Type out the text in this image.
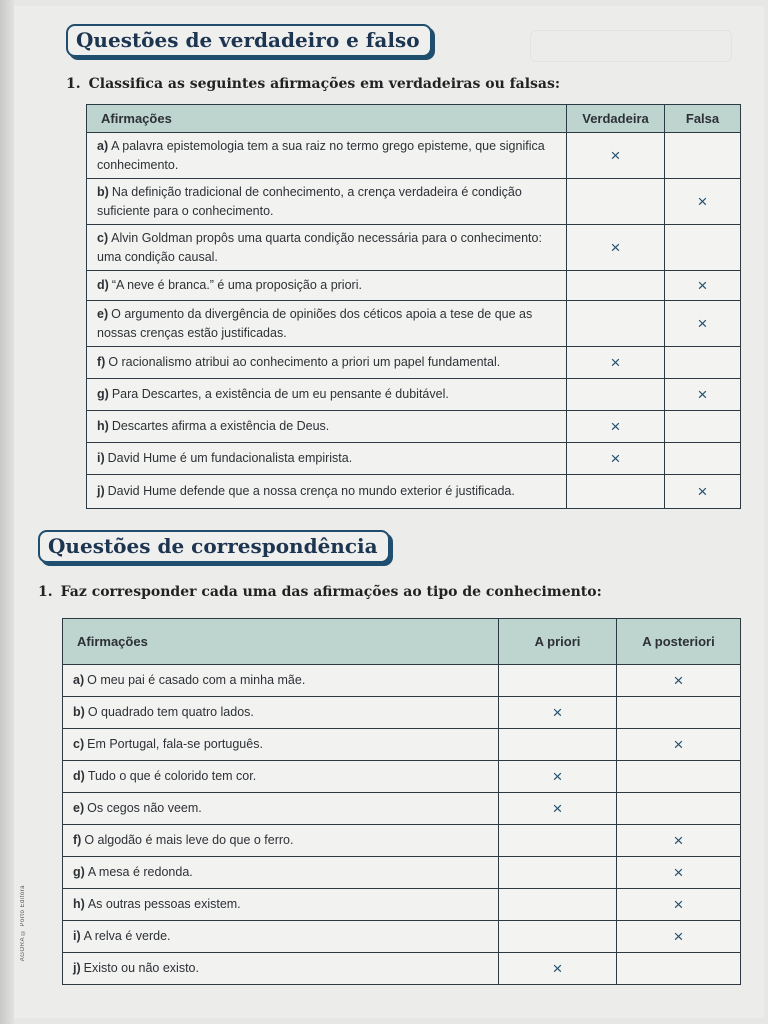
Questões de verdadeiro e falso
1. Classifica as seguintes afirmações em verdadeiras ou falsas:
Afirmações	Verdadeira	Falsa
a) A palavra epistemologia tem a sua raiz no termo grego episteme, que significa conhecimento.	×	
b) Na definição tradicional de conhecimento, a crença verdadeira é condição suficiente para o conhecimento.		×
c) Alvin Goldman propôs uma quarta condição necessária para o conhecimento: uma condição causal.	×	
d) “A neve é branca.” é uma proposição a priori.		×
e) O argumento da divergência de opiniões dos céticos apoia a tese de que as nossas crenças estão justificadas.		×
f) O racionalismo atribui ao conhecimento a priori um papel fundamental.	×	
g) Para Descartes, a existência de um eu pensante é dubitável.		×
h) Descartes afirma a existência de Deus.	×	
i) David Hume é um fundacionalista empirista.	×	
j) David Hume defende que a nossa crença no mundo exterior é justificada.		×
Questões de correspondência
1. Faz corresponder cada uma das afirmações ao tipo de conhecimento:
Afirmações	A priori	A posteriori
a) O meu pai é casado com a minha mãe.		×
b) O quadrado tem quatro lados.	×	
c) Em Portugal, fala-se português.		×
d) Tudo o que é colorido tem cor.	×	
e) Os cegos não veem.	×	
f) O algodão é mais leve do que o ferro.		×
g) A mesa é redonda.		×
h) As outras pessoas existem.		×
i) A relva é verde.		×
j) Existo ou não existo.	×	
AGORA © Porto Editora
